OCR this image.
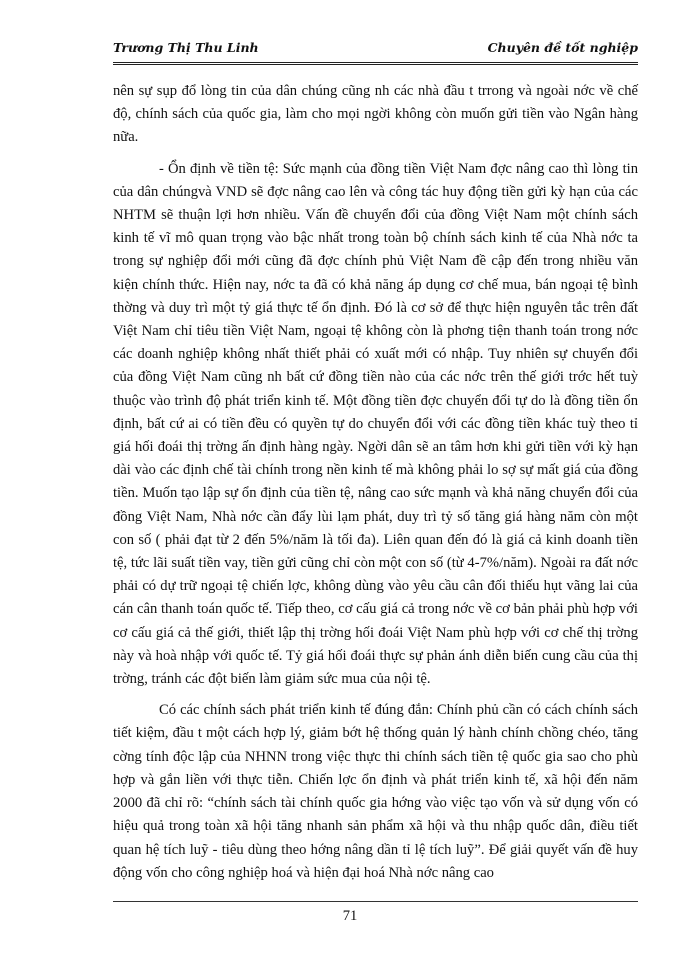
Trương Thị Thu Linh	Chuyên đề tốt nghiệp

nên sự sụp đổ lòng tin của dân chúng cũng nh các nhà đầu t trrong và ngoài nớc về chế độ, chính sách của quốc gia, làm cho mọi ngời không còn muốn gửi tiền vào Ngân hàng nữa.

- Ổn định về tiền tệ: Sức mạnh của đồng tiền Việt Nam đợc nâng cao thì lòng tin của dân chúngvà VND sẽ đợc nâng cao lên và công tác huy động tiền gửi kỳ hạn của các NHTM sẽ thuận lợi hơn nhiều. Vấn đề chuyển đổi của đồng Việt Nam một chính sách kinh tế vĩ mô quan trọng vào bậc nhất trong toàn bộ chính sách kinh tế của Nhà nớc ta trong sự nghiệp đổi mới cũng đã đợc chính phủ Việt Nam đề cập đến trong nhiều văn kiện chính thức. Hiện nay, nớc ta đã có khả năng áp dụng cơ chế mua, bán ngoại tệ bình thờng và duy trì một tỷ giá thực tế ổn định. Đó là cơ sở để thực hiện nguyên tắc trên đất Việt Nam chỉ tiêu tiền Việt Nam, ngoại tệ không còn là phơng tiện thanh toán trong nớc các doanh nghiệp không nhất thiết phải có xuất mới có nhập. Tuy nhiên sự chuyển đổi của đồng Việt Nam cũng nh bất cứ đồng tiền nào của các nớc trên thế giới trớc hết tuỳ thuộc vào trình độ phát triển kinh tế. Một đồng tiền đợc chuyển đổi tự do là đồng tiền ổn định, bất cứ ai có tiền đều có quyền tự do chuyển đổi với các đồng tiền khác tuỳ theo tỉ giá hối đoái thị trờng ấn định hàng ngày. Ngời dân sẽ an tâm hơn khi gửi tiền với kỳ hạn dài vào các định chế tài chính trong nền kinh tế mà không phải lo sợ sự mất giá của đồng tiền. Muốn tạo lập sự ổn định của tiền tệ, nâng cao sức mạnh và khả năng chuyển đổi của đồng Việt Nam, Nhà nớc cần đẩy lùi lạm phát, duy trì tỷ số tăng giá hàng năm còn một con số ( phải đạt từ 2 đến 5%/năm là tối đa). Liên quan đến đó là giá cả kinh doanh tiền tệ, tức lãi suất tiền vay, tiền gửi cũng chỉ còn một con số (từ 4-7%/năm). Ngoài ra đất nớc phải có dự trữ ngoại tệ chiến lợc, không dùng vào yêu cầu cân đối thiếu hụt vãng lai của cán cân thanh toán quốc tế. Tiếp theo, cơ cấu giá cả trong nớc về cơ bản phải phù hợp với cơ cấu giá cả thế giới, thiết lập thị trờng hối đoái Việt Nam phù hợp với cơ chế thị trờng này và hoà nhập với quốc tế. Tỷ giá hối đoái thực sự phản ánh diễn biến cung cầu của thị trờng, tránh các đột biến làm giảm sức mua của nội tệ.

Có các chính sách phát triển kinh tế đúng đắn: Chính phủ cần có cách chính sách tiết kiệm, đầu t một cách hợp lý, giảm bớt hệ thống quản lý hành chính chồng chéo, tăng cờng tính độc lập của NHNN trong việc thực thi chính sách tiền tệ quốc gia sao cho phù hợp và gắn liền với thực tiễn. Chiến lợc ổn định và phát triển kinh tế, xã hội đến năm 2000 đã chỉ rõ: “chính sách tài chính quốc gia hớng vào việc tạo vốn và sử dụng vốn có hiệu quả trong toàn xã hội tăng nhanh sản phẩm xã hội và thu nhập quốc dân, điều tiết quan hệ tích luỹ - tiêu dùng theo hớng nâng dần tỉ lệ tích luỹ”. Để giải quyết vấn đề huy động vốn cho công nghiệp hoá và hiện đại hoá Nhà nớc nâng cao

71
